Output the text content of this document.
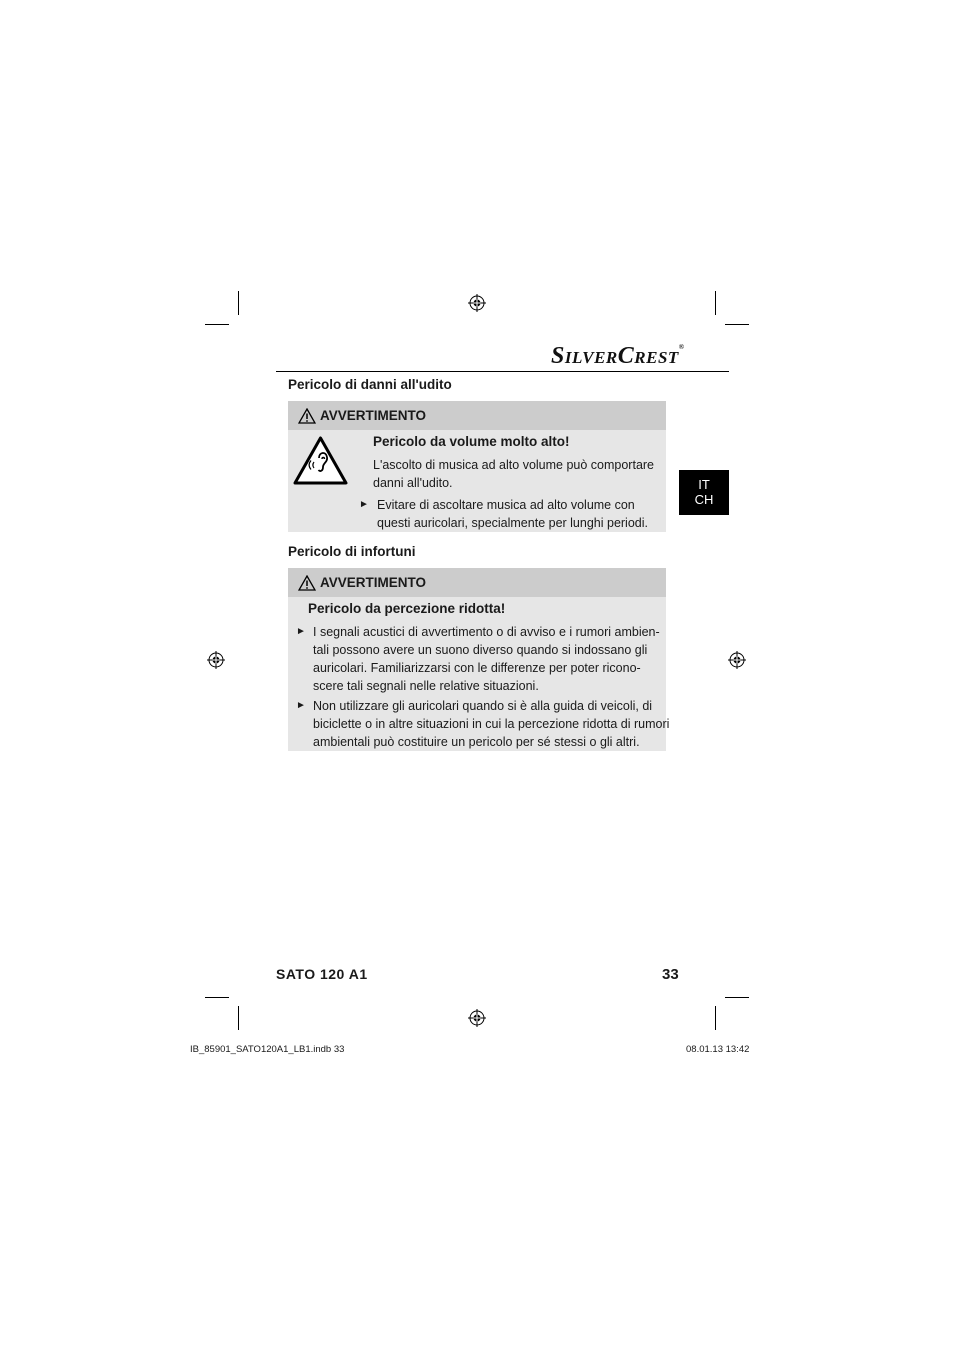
SILVERCREST®
Pericolo di danni all'udito
AVVERTIMENTO
Pericolo da volume molto alto!
L'ascolto di musica ad alto volume può comportare
danni all'udito.
► Evitare di ascoltare musica ad alto volume con
questi auricolari, specialmente per lunghi periodi.
IT
CH
Pericolo di infortuni
AVVERTIMENTO
Pericolo da percezione ridotta!
► I segnali acustici di avvertimento o di avviso e i rumori ambien-
tali possono avere un suono diverso quando si indossano gli
auricolari. Familiarizzarsi con le differenze per poter ricono-
scere tali segnali nelle relative situazioni.
► Non utilizzare gli auricolari quando si è alla guida di veicoli, di
biciclette o in altre situazioni in cui la percezione ridotta di rumori
ambientali può costituire un pericolo per sé stessi o gli altri.
SATO 120 A1	33
IB_85901_SATO120A1_LB1.indb 33	08.01.13 13:42
